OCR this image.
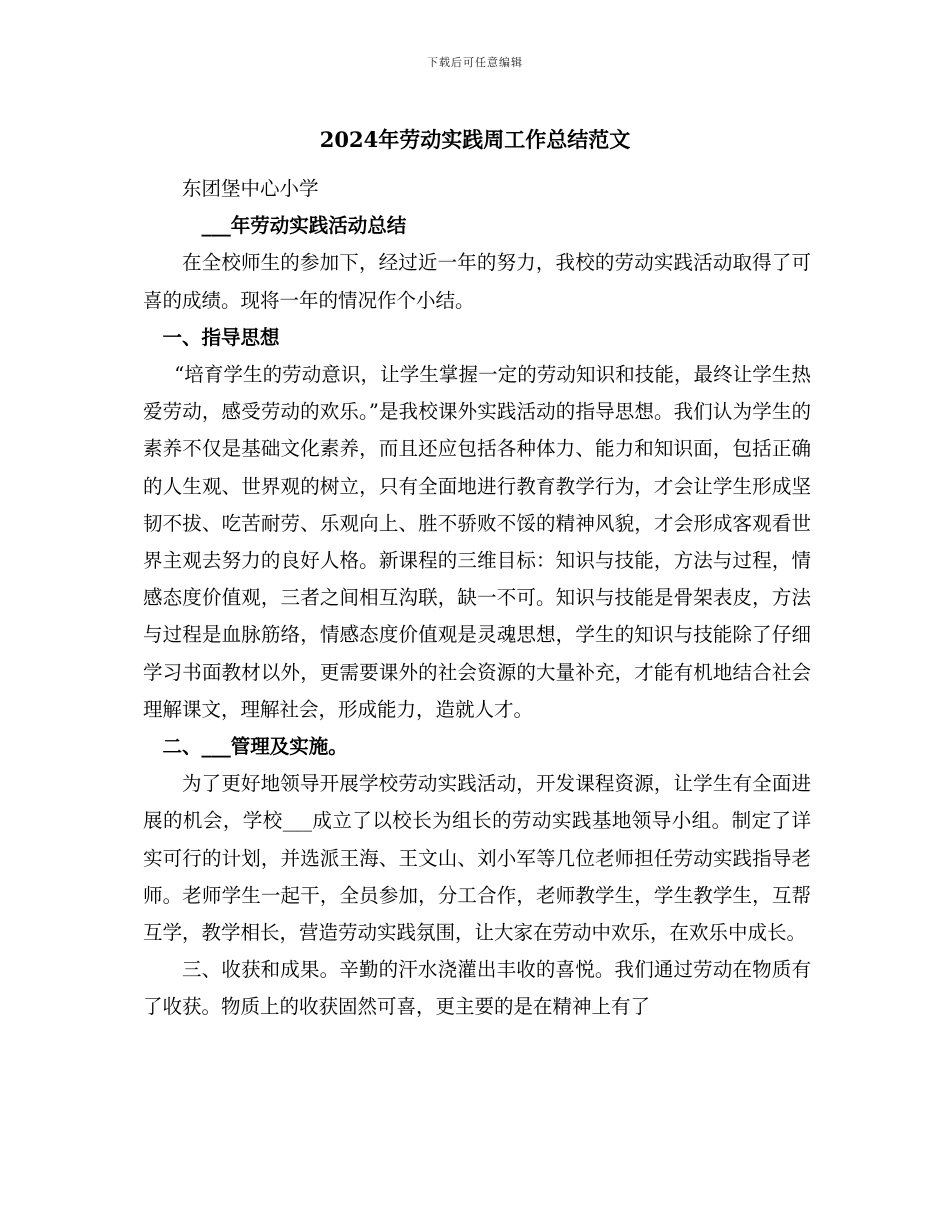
下载后可任意编辑
2024年劳动实践周工作总结范文

东团堡中心小学

___年劳动实践活动总结

在全校师生的参加下，经过近一年的努力，我校的劳动实践活动取得了可喜的成绩。现将一年的情况作个小结。

一、指导思想

“培育学生的劳动意识，让学生掌握一定的劳动知识和技能，最终让学生热爱劳动，感受劳动的欢乐。”是我校课外实践活动的指导思想。我们认为学生的素养不仅是基础文化素养，而且还应包括各种体力、能力和知识面，包括正确的人生观、世界观的树立，只有全面地进行教育教学行为，才会让学生形成坚韧不拔、吃苦耐劳、乐观向上、胜不骄败不馁的精神风貌，才会形成客观看世界主观去努力的良好人格。新课程的三维目标：知识与技能，方法与过程，情感态度价值观，三者之间相互沟联，缺一不可。知识与技能是骨架表皮，方法与过程是血脉筋络，情感态度价值观是灵魂思想，学生的知识与技能除了仔细学习书面教材以外，更需要课外的社会资源的大量补充，才能有机地结合社会理解课文，理解社会，形成能力，造就人才。

二、___管理及实施。

为了更好地领导开展学校劳动实践活动，开发课程资源，让学生有全面进展的机会，学校___成立了以校长为组长的劳动实践基地领导小组。制定了详实可行的计划，并选派王海、王文山、刘小军等几位老师担任劳动实践指导老师。老师学生一起干，全员参加，分工合作，老师教学生，学生教学生，互帮互学，教学相长，营造劳动实践氛围，让大家在劳动中欢乐，在欢乐中成长。

三、收获和成果。辛勤的汗水浇灌出丰收的喜悦。我们通过劳动在物质有了收获。物质上的收获固然可喜，更主要的是在精神上有了
